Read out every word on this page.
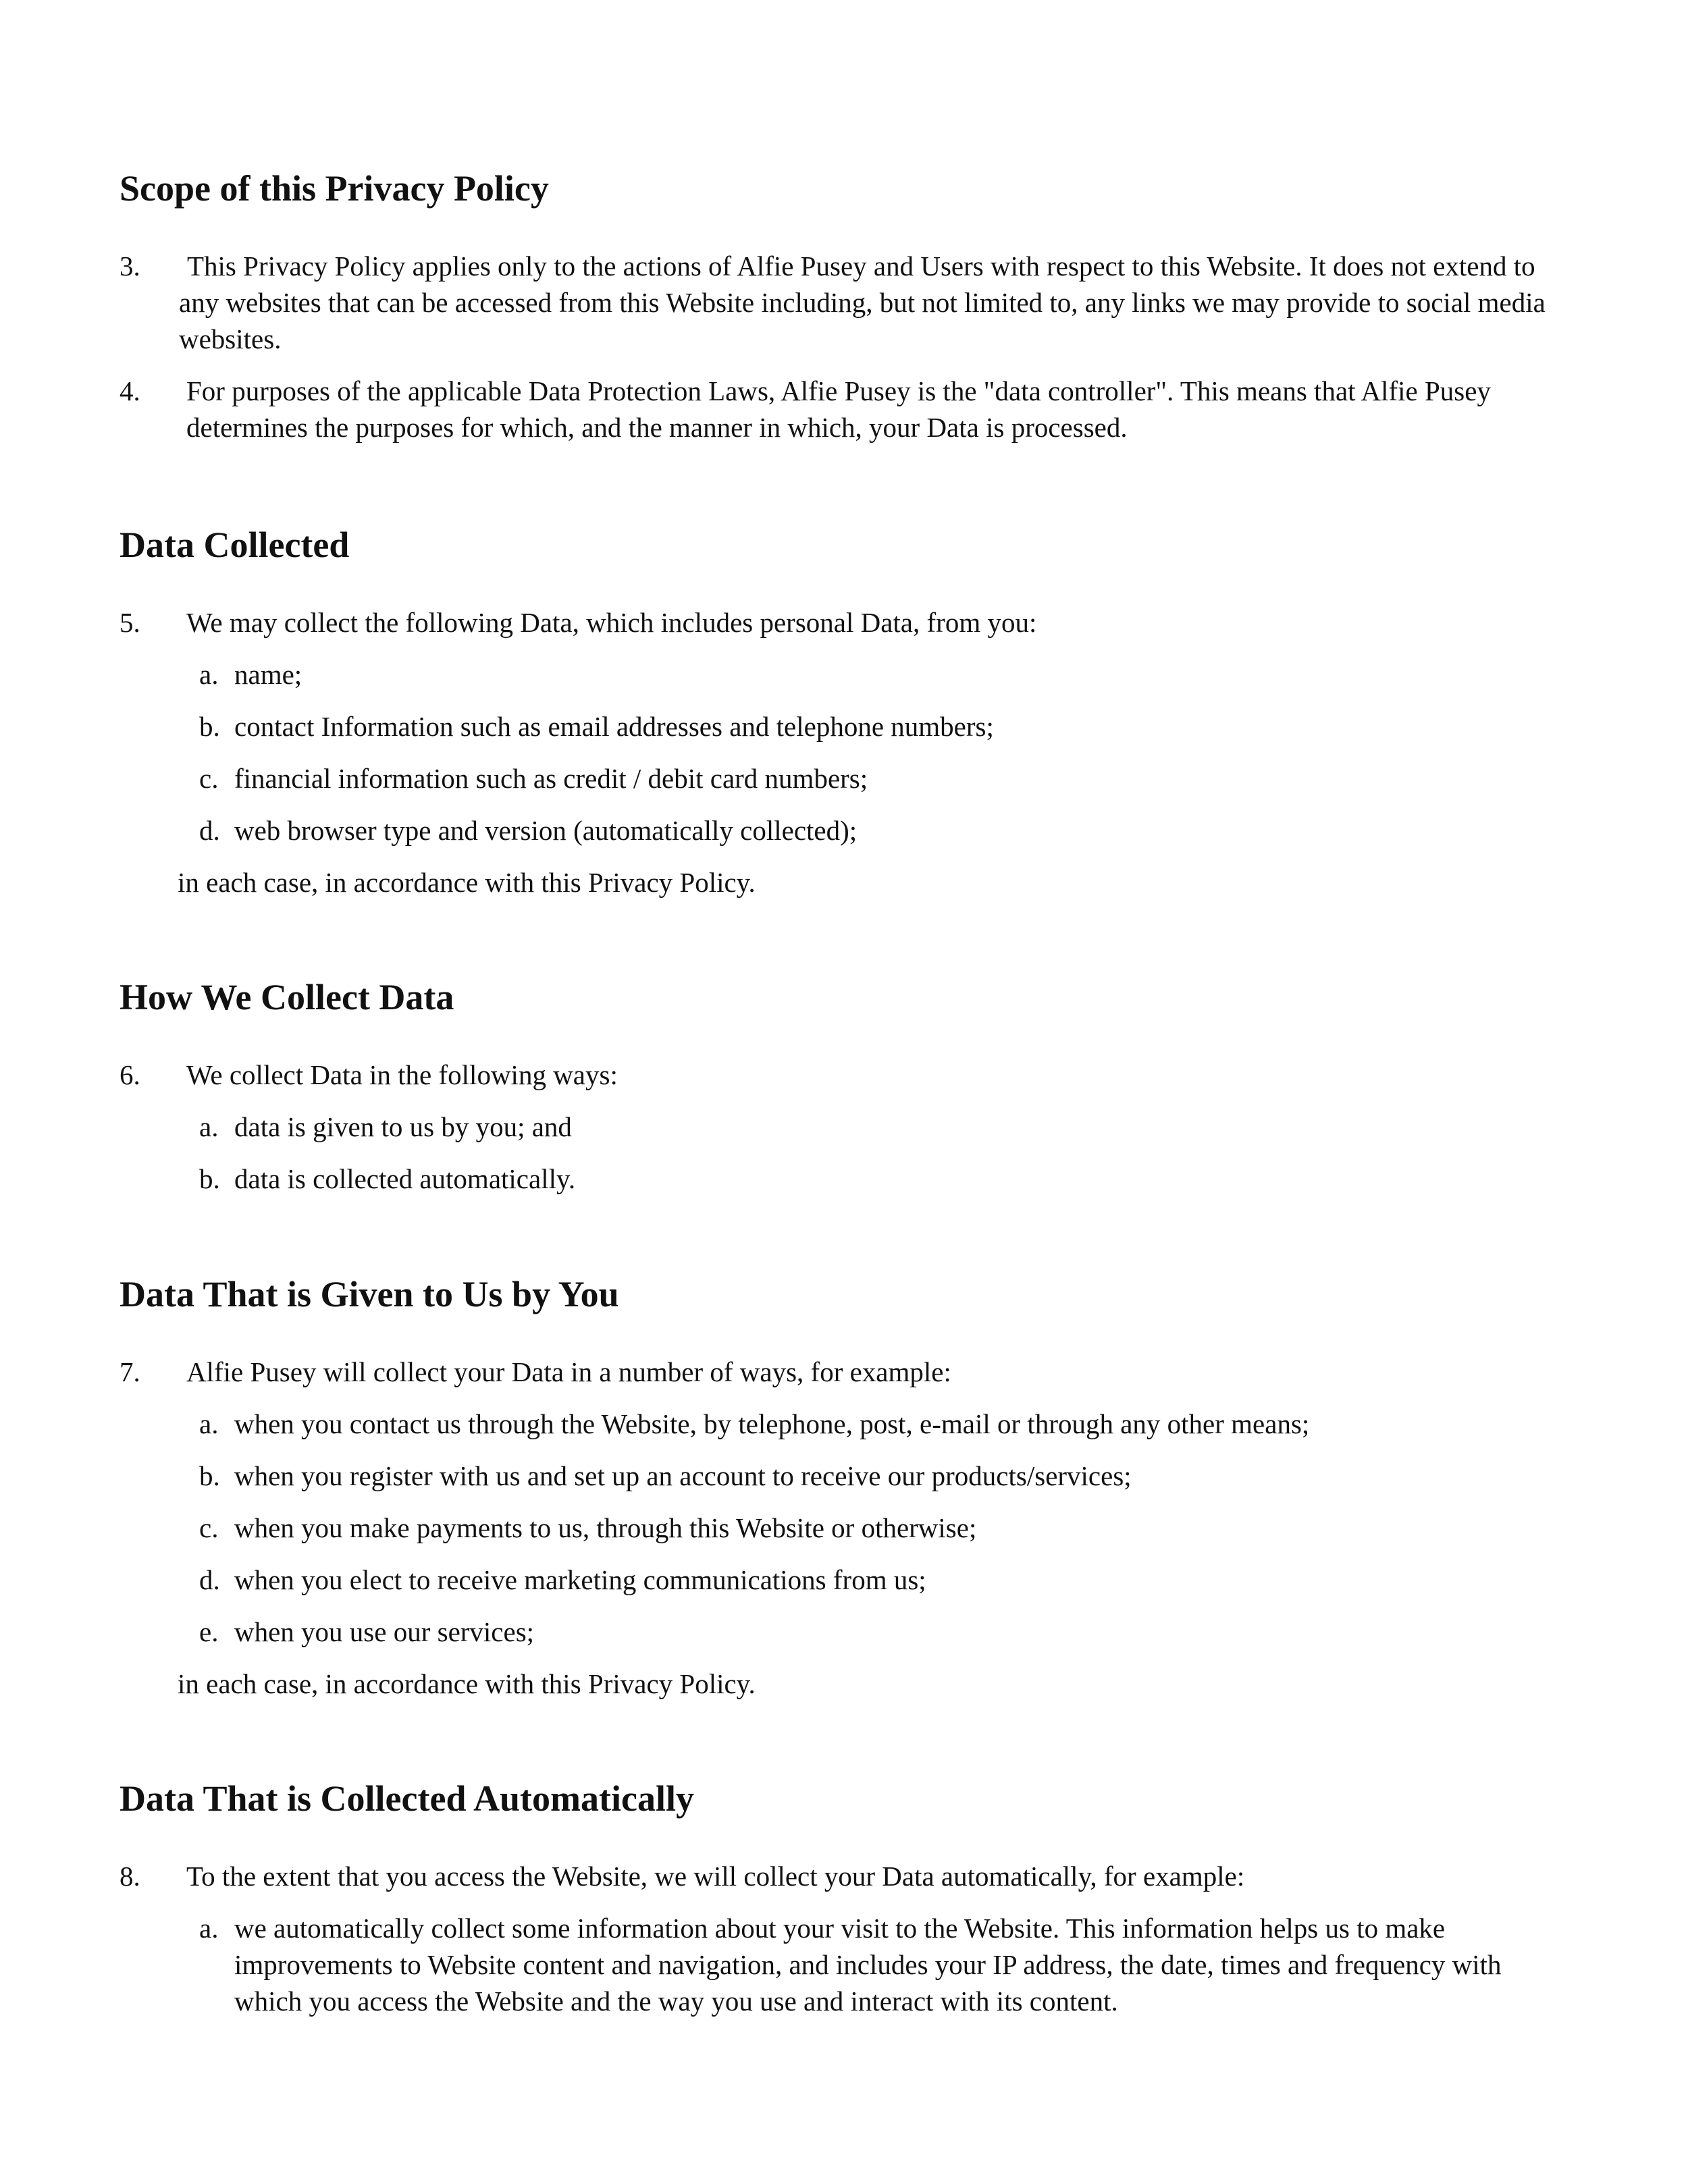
Scope of this Privacy Policy
3. This Privacy Policy applies only to the actions of Alfie Pusey and Users with respect to this Website. It does not extend to any websites that can be accessed from this Website including, but not limited to, any links we may provide to social media websites.
4. For purposes of the applicable Data Protection Laws, Alfie Pusey is the "data controller". This means that Alfie Pusey determines the purposes for which, and the manner in which, your Data is processed.
Data Collected
5. We may collect the following Data, which includes personal Data, from you:
a. name;
b. contact Information such as email addresses and telephone numbers;
c. financial information such as credit / debit card numbers;
d. web browser type and version (automatically collected);
in each case, in accordance with this Privacy Policy.
How We Collect Data
6. We collect Data in the following ways:
a. data is given to us by you; and
b. data is collected automatically.
Data That is Given to Us by You
7. Alfie Pusey will collect your Data in a number of ways, for example:
a. when you contact us through the Website, by telephone, post, e-mail or through any other means;
b. when you register with us and set up an account to receive our products/services;
c. when you make payments to us, through this Website or otherwise;
d. when you elect to receive marketing communications from us;
e. when you use our services;
in each case, in accordance with this Privacy Policy.
Data That is Collected Automatically
8. To the extent that you access the Website, we will collect your Data automatically, for example:
a. we automatically collect some information about your visit to the Website. This information helps us to make improvements to Website content and navigation, and includes your IP address, the date, times and frequency with which you access the Website and the way you use and interact with its content.
